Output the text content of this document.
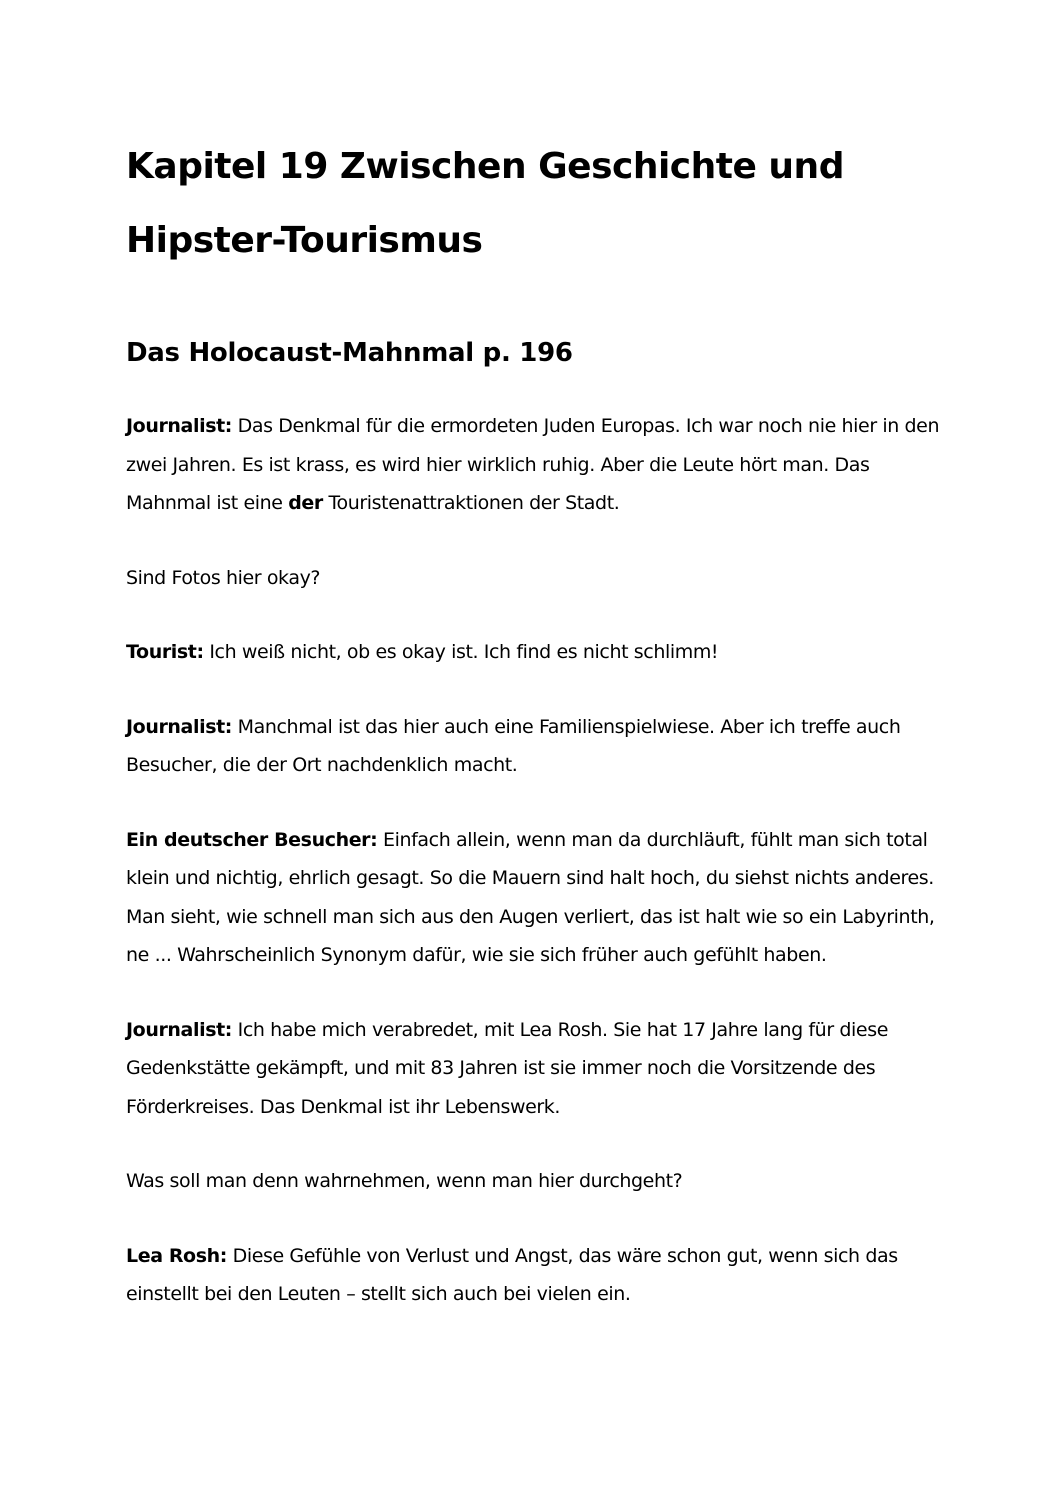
Kapitel 19 Zwischen Geschichte und Hipster-Tourismus
Das Holocaust-Mahnmal p. 196

Journalist: Das Denkmal für die ermordeten Juden Europas. Ich war noch nie hier in den zwei Jahren. Es ist krass, es wird hier wirklich ruhig. Aber die Leute hört man. Das Mahnmal ist eine der Touristenattraktionen der Stadt.

Sind Fotos hier okay?

Tourist: Ich weiß nicht, ob es okay ist. Ich find es nicht schlimm!

Journalist: Manchmal ist das hier auch eine Familienspielwiese. Aber ich treffe auch Besucher, die der Ort nachdenklich macht.

Ein deutscher Besucher: Einfach allein, wenn man da durchläuft, fühlt man sich total klein und nichtig, ehrlich gesagt. So die Mauern sind halt hoch, du siehst nichts anderes. Man sieht, wie schnell man sich aus den Augen verliert, das ist halt wie so ein Labyrinth, ne ... Wahrscheinlich Synonym dafür, wie sie sich früher auch gefühlt haben.

Journalist: Ich habe mich verabredet, mit Lea Rosh. Sie hat 17 Jahre lang für diese Gedenkstätte gekämpft, und mit 83 Jahren ist sie immer noch die Vorsitzende des Förderkreises. Das Denkmal ist ihr Lebenswerk.

Was soll man denn wahrnehmen, wenn man hier durchgeht?

Lea Rosh: Diese Gefühle von Verlust und Angst, das wäre schon gut, wenn sich das einstellt bei den Leuten – stellt sich auch bei vielen ein.
